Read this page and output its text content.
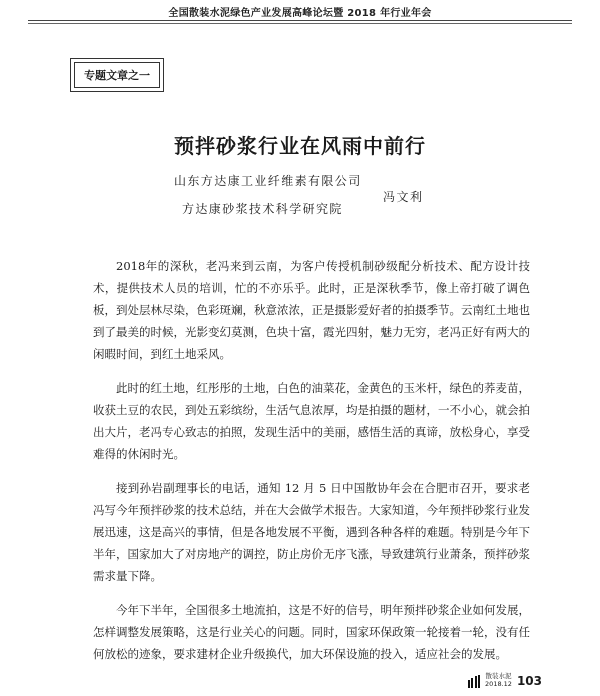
全国散装水泥绿色产业发展高峰论坛暨 2018 年行业年会
专题文章之一
预拌砂浆行业在风雨中前行
山东方达康工业纤维素有限公司
方达康砂浆技术科学研究院
冯文利

2018年的深秋，老冯来到云南，为客户传授机制砂级配分析技术、配方设计技术，提供技术人员的培训，忙的不亦乐乎。此时，正是深秋季节，像上帝打破了调色板，到处层林尽染，色彩斑斓，秋意浓浓，正是摄影爱好者的拍摄季节。云南红土地也到了最美的时候，光影变幻莫测，色块十富，霞光四射，魅力无穷，老冯正好有两大的闲暇时间，到红土地采风。

此时的红土地，红彤彤的土地，白色的油菜花，金黄色的玉米杆，绿色的荞麦苗，收获土豆的农民，到处五彩缤纷，生活气息浓厚，均是拍摄的题材，一不小心，就会拍出大片，老冯专心致志的拍照，发现生活中的美丽，感悟生活的真谛，放松身心，享受难得的休闲时光。

接到孙岩副理事长的电话，通知 12 月 5 日中国散协年会在合肥市召开，要求老冯写今年预拌砂浆的技术总结，并在大会做学术报告。大家知道，今年预拌砂浆行业发展迅速，这是高兴的事情，但是各地发展不平衡，遇到各种各样的难题。特别是今年下半年，国家加大了对房地产的调控，防止房价无序飞涨，导致建筑行业萧条，预拌砂浆需求量下降。

今年下半年，全国很多土地流拍，这是不好的信号，明年预拌砂浆企业如何发展，怎样调整发展策略，这是行业关心的问题。同时，国家环保政策一轮接着一轮，没有任何放松的迹象，要求建材企业升级换代，加大环保设施的投入，适应社会的发展。

散装水泥
2018.12 103
